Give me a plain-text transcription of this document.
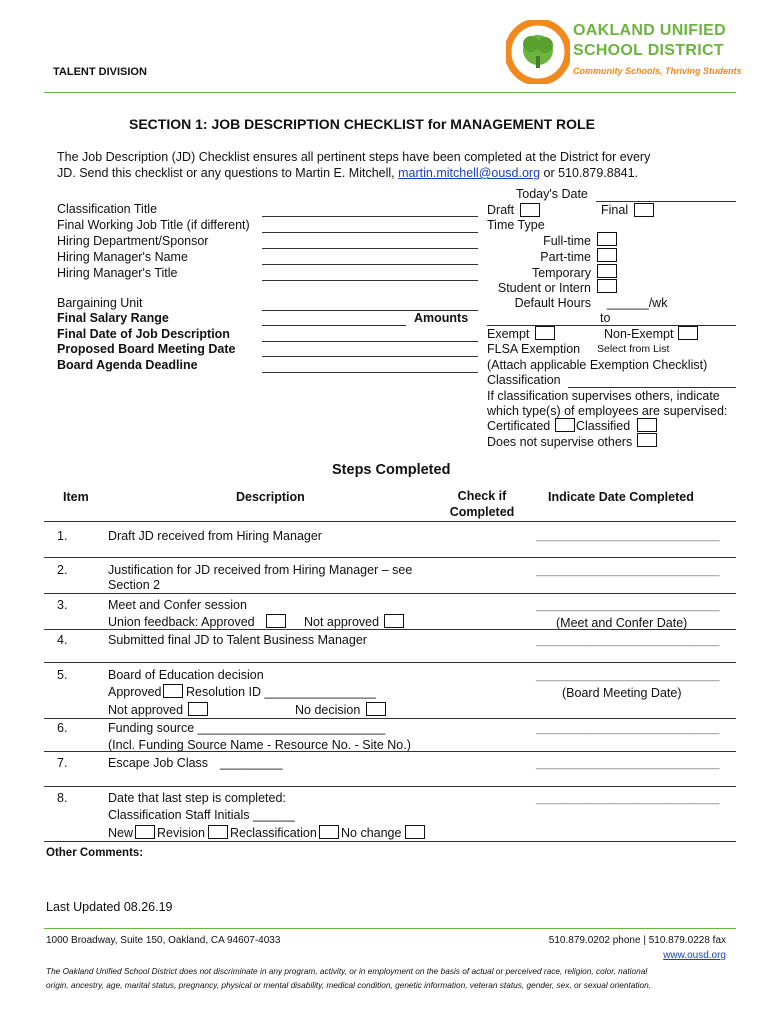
TALENT DIVISION
OAKLAND UNIFIED
SCHOOL DISTRICT
Community Schools, Thriving Students
SECTION 1: JOB DESCRIPTION CHECKLIST for MANAGEMENT ROLE
The Job Description (JD) Checklist ensures all pertinent steps have been completed at the District for every
JD. Send this checklist or any questions to Martin E. Mitchell, martin.mitchell@ousd.org or 510.879.8841.
Classification Title
Final Working Job Title (if different)
Hiring Department/Sponsor
Hiring Manager's Name
Hiring Manager's Title
Bargaining Unit
Final Salary Range	Amounts
Final Date of Job Description
Proposed Board Meeting Date
Board Agenda Deadline
Today's Date
Draft	Final
Time Type
Full-time
Part-time
Temporary
Student or Intern
Default Hours ______/wk
to
Exempt	Non-Exempt
FLSA Exemption Select from List
(Attach applicable Exemption Checklist)
Classification
If classification supervises others, indicate
which type(s) of employees are supervised:
Certificated Classified
Does not supervise others
Steps Completed
Item	Description	Check if
Completed
Indicate Date Completed
1.	Draft JD received from Hiring Manager	______________________________
2.	Justification for JD received from Hiring Manager – see
Section 2
______________________________
3.	Meet and Confer session
Union feedback: Approved	Not approved
______________________________
(Meet and Confer Date)
4.	Submitted final JD to Talent Business Manager	______________________________
5.	Board of Education decision
Approved Resolution ID ________________
Not approved	No decision
______________________________
(Board Meeting Date)
6.	Funding source ___________________________
(Incl. Funding Source Name - Resource No. - Site No.)
______________________________
7.	Escape Job Class _________	______________________________
8.	Date that last step is completed:
Classification Staff Initials ______
New Revision Reclassification No change
______________________________
Other Comments:
Last Updated 08.26.19
1000 Broadway, Suite 150, Oakland, CA 94607-4033	510.879.0202 phone | 510.879.0228 fax
www.ousd.org
The Oakland Unified School District does not discriminate in any program, activity, or in employment on the basis of actual or perceived race, religion, color, national
origin, ancestry, age, marital status, pregnancy, physical or mental disability, medical condition, genetic information, veteran status, gender, sex, or sexual orientation.
